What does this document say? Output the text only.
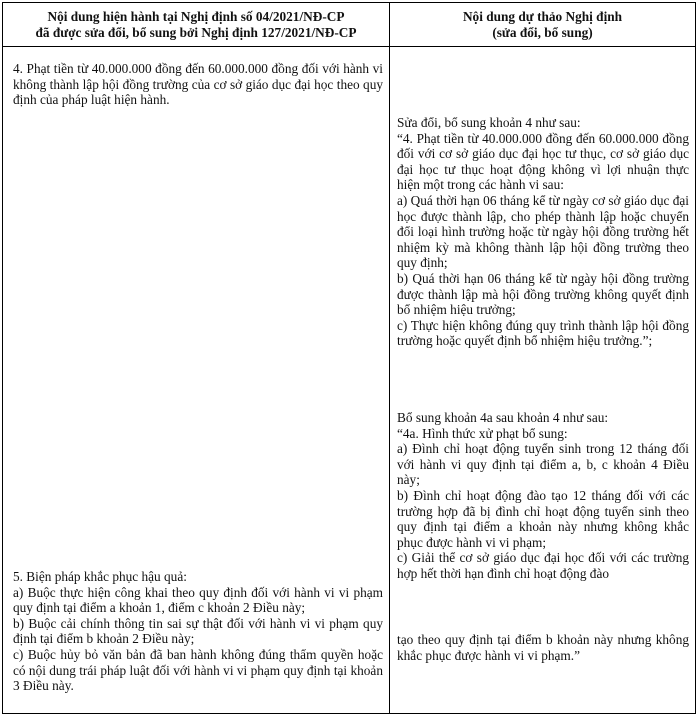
Nội dung hiện hành tại Nghị định số 04/2021/NĐ-CP
đã được sửa đổi, bổ sung bởi Nghị định 127/2021/NĐ-CP
Nội dung dự thảo Nghị định
(sửa đổi, bổ sung)

4. Phạt tiền từ 40.000.000 đồng đến 60.000.000 đồng đối với hành vi không thành lập hội đồng trường của cơ sở giáo dục đại học theo quy định của pháp luật hiện hành.

5. Biện pháp khắc phục hậu quả:

a) Buộc thực hiện công khai theo quy định đối với hành vi vi phạm quy định tại điểm a khoản 1, điểm c khoản 2 Điều này;

b) Buộc cải chính thông tin sai sự thật đối với hành vi vi phạm quy định tại điểm b khoản 2 Điều này;

c) Buộc hủy bỏ văn bản đã ban hành không đúng thẩm quyền hoặc có nội dung trái pháp luật đối với hành vi vi phạm quy định tại khoản 3 Điều này.

Sửa đổi, bổ sung khoản 4 như sau:

“4. Phạt tiền từ 40.000.000 đồng đến 60.000.000 đồng đối với cơ sở giáo dục đại học tư thục, cơ sở giáo dục đại học tư thục hoạt động không vì lợi nhuận thực hiện một trong các hành vi sau:

a) Quá thời hạn 06 tháng kể từ ngày cơ sở giáo dục đại học được thành lập, cho phép thành lập hoặc chuyển đổi loại hình trường hoặc từ ngày hội đồng trường hết nhiệm kỳ mà không thành lập hội đồng trường theo quy định;

b) Quá thời hạn 06 tháng kể từ ngày hội đồng trường được thành lập mà hội đồng trường không quyết định bổ nhiệm hiệu trưởng;

c) Thực hiện không đúng quy trình thành lập hội đồng trường hoặc quyết định bổ nhiệm hiệu trưởng.”;

Bổ sung khoản 4a sau khoản 4 như sau:

“4a. Hình thức xử phạt bổ sung:

a) Đình chỉ hoạt động tuyển sinh trong 12 tháng đối với hành vi quy định tại điểm a, b, c khoản 4 Điều này;

b) Đình chỉ hoạt động đào tạo 12 tháng đối với các trường hợp đã bị đình chỉ hoạt động tuyển sinh theo quy định tại điểm a khoản này nhưng không khắc phục được hành vi vi phạm;

c) Giải thể cơ sở giáo dục đại học đối với các trường hợp hết thời hạn đình chỉ hoạt động đào

tạo theo quy định tại điểm b khoản này nhưng không khắc phục được hành vi vi phạm.”
